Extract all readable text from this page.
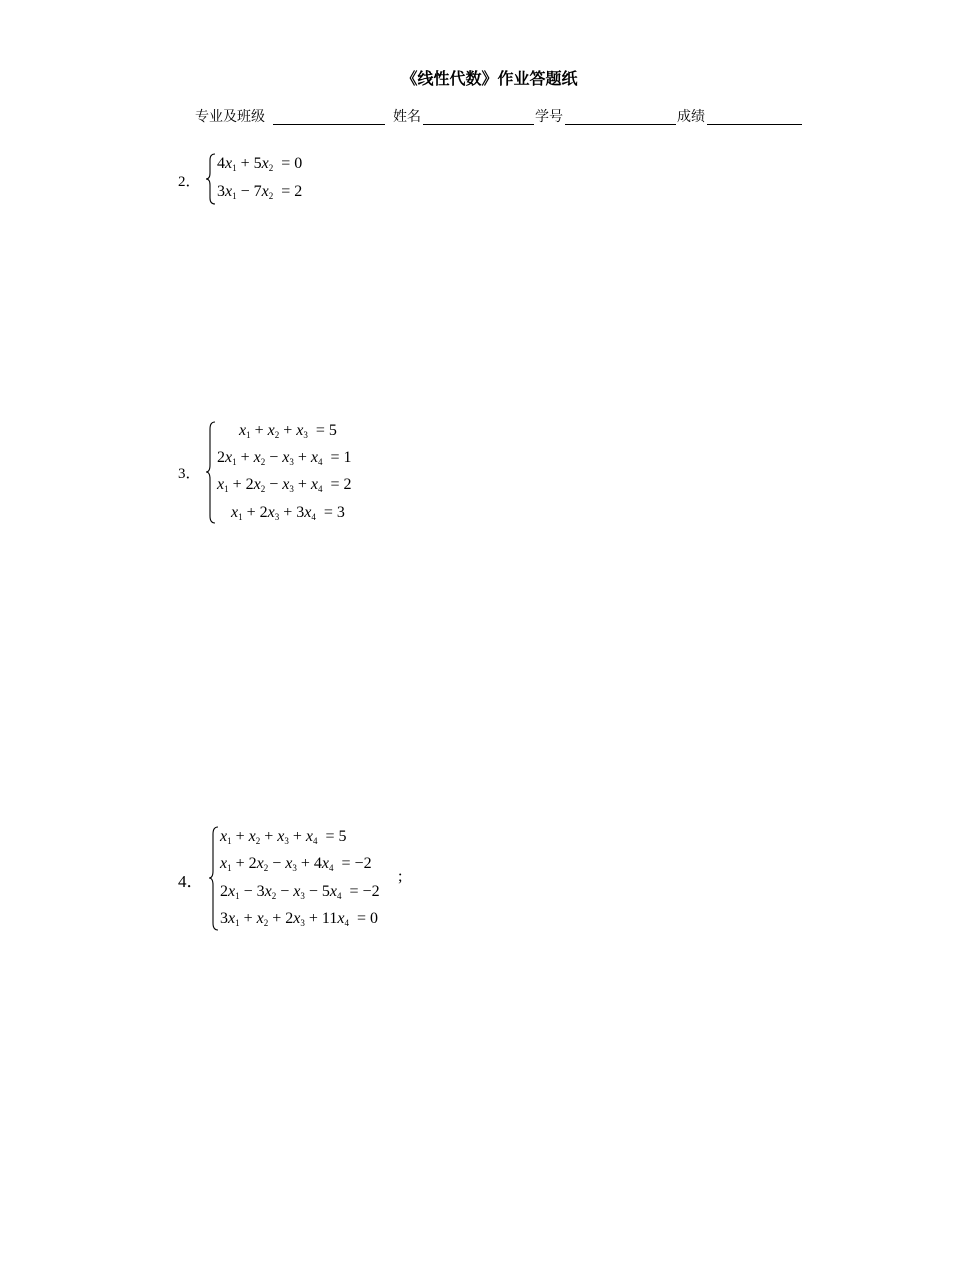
《线性代数》作业答题纸
专业及班级	姓名	学号	成绩
2．
$4x_1 + 5x_2 = 0$
$3x_1 - 7x_2 = 2$
3．
$x_1 + x_2 + x_3 = 5$
$2x_1 + x_2 - x_3 + x_4 = 1$
$x_1 + 2x_2 - x_3 + x_4 = 2$
$x_1 + 2x_3 + 3x_4 = 3$
4．
$x_1 + x_2 + x_3 + x_4 = 5$
$x_1 + 2x_2 - x_3 + 4x_4 = -2$
$2x_1 - 3x_2 - x_3 - 5x_4 = -2$
$3x_1 + x_2 + 2x_3 + 11x_4 = 0$
;
